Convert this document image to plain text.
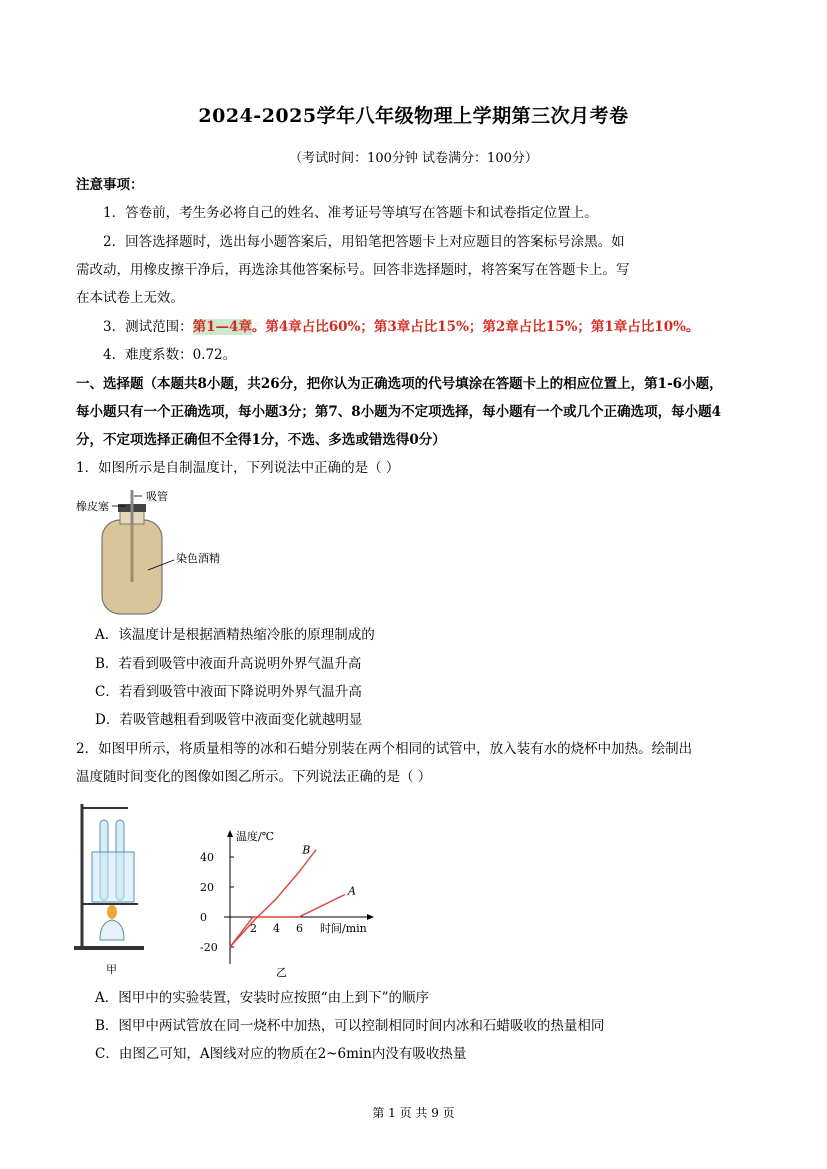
2024-2025学年八年级物理上学期第三次月考卷
（考试时间：100分钟 试卷满分：100分）
注意事项：
1．答卷前，考生务必将自己的姓名、准考证号等填写在答题卡和试卷指定位置上。
2．回答选择题时，选出每小题答案后，用铅笔把答题卡上对应题目的答案标号涂黑。如
需改动，用橡皮擦干净后，再选涂其他答案标号。回答非选择题时，将答案写在答题卡上。写
在本试卷上无效。
3．测试范围：第1—4章。第4章占比60%；第3章占比15%；第2章占比15%；第1章占比10%。
4．难度系数：0.72。
一、选择题（本题共8小题，共26分，把你认为正确选项的代号填涂在答题卡上的相应位置上，第1-6小题，
每小题只有一个正确选项，每小题3分；第7、8小题为不定项选择，每小题有一个或几个正确选项，每小题4
分，不定项选择正确但不全得1分，不选、多选或错选得0分）
1．如图所示是自制温度计，下列说法中正确的是（ ）
橡皮塞
吸管
染色酒精
A．该温度计是根据酒精热缩冷胀的原理制成的
B．若看到吸管中液面升高说明外界气温升高
C．若看到吸管中液面下降说明外界气温升高
D．若吸管越粗看到吸管中液面变化就越明显
2．如图甲所示，将质量相等的冰和石蜡分别装在两个相同的试管中，放入装有水的烧杯中加热。绘制出
温度随时间变化的图像如图乙所示。下列说法正确的是（ ）
甲
温度/℃
时间/min
2 4 6
40
20
0
-20
B
A
乙
A．图甲中的实验装置，安装时应按照“由上到下”的顺序
B．图甲中两试管放在同一烧杯中加热，可以控制相同时间内冰和石蜡吸收的热量相同
C．由图乙可知，A图线对应的物质在2~6min内没有吸收热量
第 1 页 共 9 页
